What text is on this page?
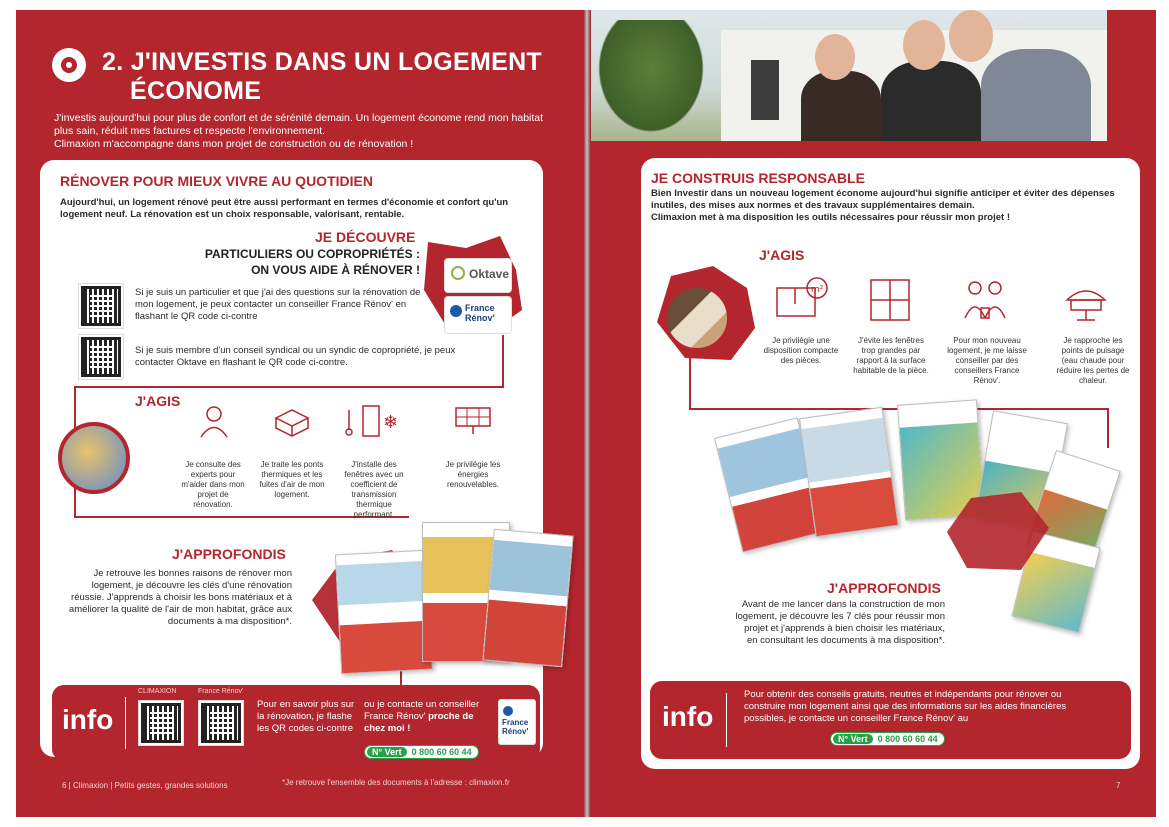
2. J'INVESTIS DANS UN LOGEMENT
ÉCONOME
J'investis aujourd'hui pour plus de confort et de sérénité demain. Un logement économe rend mon habitat plus sain, réduit mes factures et respecte l'environnement.
Climaxion m'accompagne dans mon projet de construction ou de rénovation !
RÉNOVER POUR MIEUX VIVRE AU QUOTIDIEN
Aujourd'hui, un logement rénové peut être aussi performant en termes d'économie et confort qu'un logement neuf. La rénovation est un choix responsable, valorisant, rentable.
JE DÉCOUVRE
PARTICULIERS OU COPROPRIÉTÉS :
ON VOUS AIDE À RÉNOVER !	Oktave
France Rénov'
Si je suis un particulier et que j'ai des questions sur la rénovation de mon logement, je peux contacter un conseiller France Rénov' en flashant le QR code ci-contre
Si je suis membre d'un conseil syndical ou un syndic de copropriété, je peux contacter Oktave en flashant le QR code ci-contre.
J'AGIS
❄
Je consulte des experts pour m'aider dans mon projet de rénovation.
Je traite les ponts thermiques et les fuites d'air de mon logement.
J'installe des fenêtres avec un coefficient de transmission thermique performant.
Je privilégie les énergies renouvelables.
J'APPROFONDIS
Je retrouve les bonnes raisons de rénover mon logement, je découvre les clés d'une rénovation réussie. J'apprends à choisir les bons matériaux et à améliorer la qualité de l'air de mon habitat, grâce aux documents à ma disposition*.
info
CLIMAXION	France Rénov'
Pour en savoir plus sur la rénovation, je flashe les QR codes ci-contre
ou je contacte un conseiller France Rénov' proche de chez moi !
N° Vert 0 800 60 60 44
France Rénov'
6 | Climaxion | Petits gestes, grandes solutions	*Je retrouve l'ensemble des documents à l'adresse : climaxion.fr
JE CONSTRUIS RESPONSABLE
Bien Investir dans un nouveau logement économe aujourd'hui signifie anticiper et éviter des dépenses inutiles, des mises aux normes et des travaux supplémentaires demain.
Climaxion met à ma disposition les outils nécessaires pour réussir mon projet !
J'AGIS
m²
Je privilégie une disposition compacte des pièces.
J'évite les fenêtres trop grandes par rapport à la surface habitable de la pièce.
Pour mon nouveau logement, je me laisse conseiller par des conseillers France Rénov'.
Je rapproche les points de puisage (eau chaude pour réduire les pertes de chaleur.
J'APPROFONDIS
Avant de me lancer dans la construction de mon logement, je découvre les 7 clés pour réussir mon projet et j'apprends à bien choisir les matériaux, en consultant les documents à ma disposition*.
info
Pour obtenir des conseils gratuits, neutres et indépendants pour rénover ou construire mon logement ainsi que des informations sur les aides financières possibles, je contacte un conseiller France Rénov' au
N° Vert 0 800 60 60 44
7
